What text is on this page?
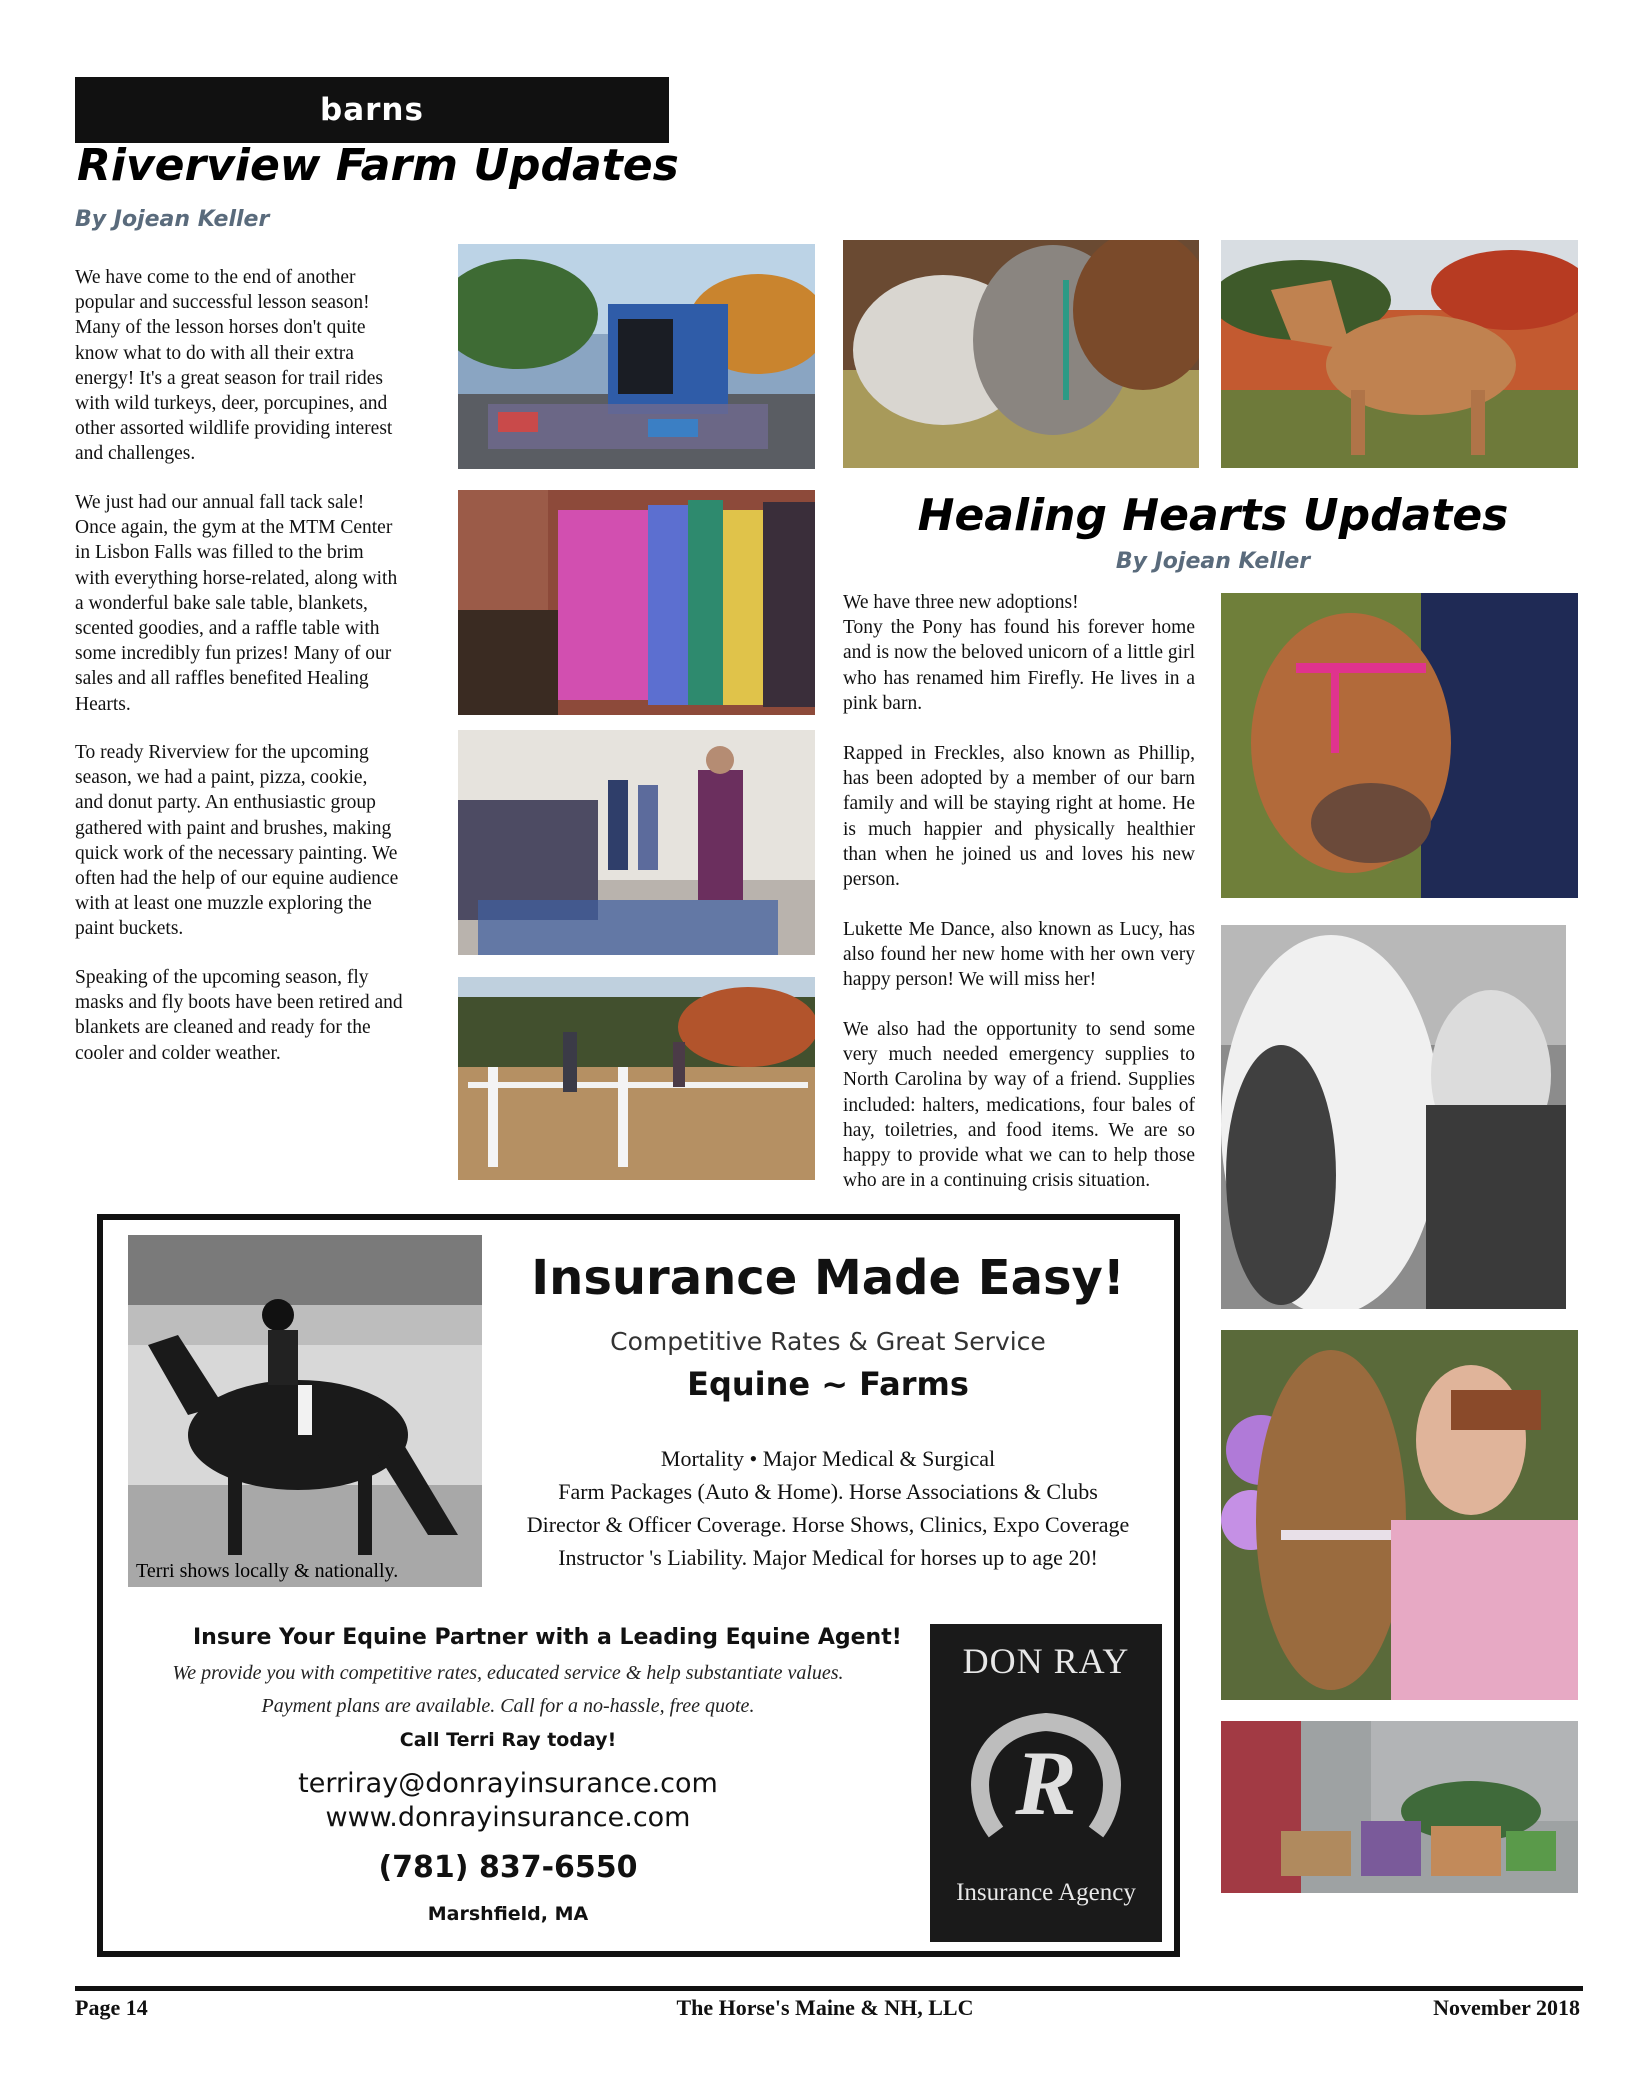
barns
Riverview Farm Updates
By Jojean Keller
We have come to the end of another
popular and successful lesson season!
Many of the lesson horses don't quite
know what to do with all their extra
energy! It's a great season for trail rides
with wild turkeys, deer, porcupines, and
other assorted wildlife providing interest
and challenges.
We just had our annual fall tack sale!
Once again, the gym at the MTM Center
in Lisbon Falls was filled to the brim
with everything horse-related, along with
a wonderful bake sale table, blankets,
scented goodies, and a raffle table with
some incredibly fun prizes! Many of our
sales and all raffles benefited Healing
Hearts.
To ready Riverview for the upcoming
season, we had a paint, pizza, cookie,
and donut party. An enthusiastic group
gathered with paint and brushes, making
quick work of the necessary painting. We
often had the help of our equine audience
with at least one muzzle exploring the
paint buckets.
Speaking of the upcoming season, fly
masks and fly boots have been retired and
blankets are cleaned and ready for the
cooler and colder weather.
Healing Hearts Updates
By Jojean Keller
We have three new adoptions!
Tony the Pony has found his forever home and is now the beloved unicorn of a little girl who has renamed him Firefly. He lives in a pink barn.
Rapped in Freckles, also known as Phillip, has been adopted by a member of our barn family and will be staying right at home. He is much happier and physically healthier than when he joined us and loves his new person.
Lukette Me Dance, also known as Lucy, has also found her new home with her own very happy person! We will miss her!
We also had the opportunity to send some very much needed emergency supplies to North Carolina by way of a friend. Supplies included: halters, medications, four bales of hay, toiletries, and food items. We are so happy to provide what we can to help those who are in a continuing crisis situation.
Terri shows locally & nationally.
Insurance Made Easy!
Competitive Rates & Great Service
Equine ~ Farms
Mortality • Major Medical & Surgical
Farm Packages (Auto & Home). Horse Associations & Clubs
Director & Officer Coverage. Horse Shows, Clinics, Expo Coverage
Instructor 's Liability. Major Medical for horses up to age 20!
Insure Your Equine Partner with a Leading Equine Agent!
We provide you with competitive rates, educated service & help substantiate values.
Payment plans are available. Call for a no-hassle, free quote.
Call Terri Ray today!
terriray@donrayinsurance.com
www.donrayinsurance.com
(781) 837-6550
Marshfield, MA
DON RAY
R
Insurance Agency
Page 14	The Horse's Maine & NH, LLC	November 2018
